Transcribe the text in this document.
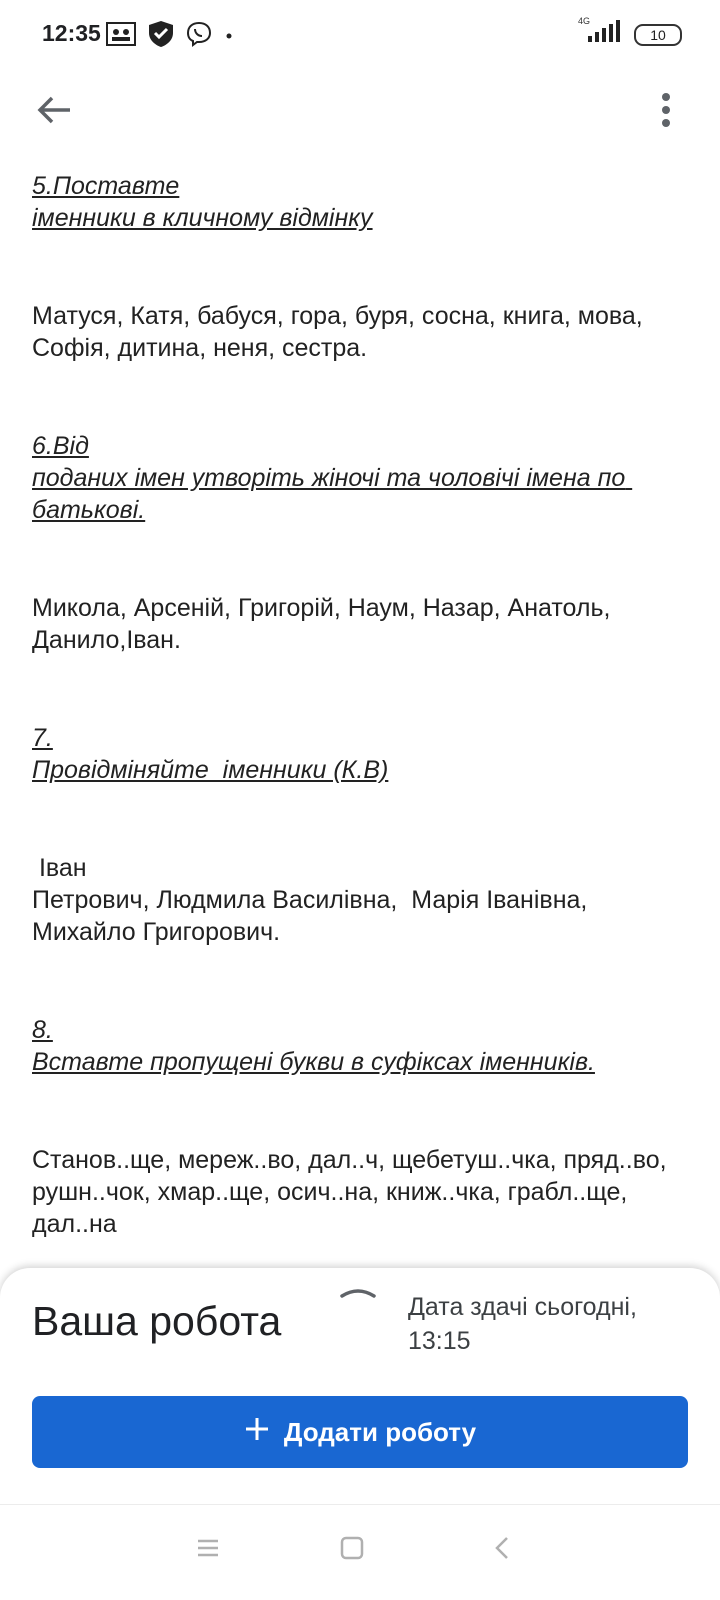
12:35	4G
10

5.Поставте
іменники в кличному відмінку

Матуся, Катя, бабуся, гора, буря, сосна, книга, мова, Софія, дитина, неня, сестра.

6.Від
поданих імен утворіть жіночі та чоловічі імена по батькові.

Микола, Арсеній, Григорій, Наум, Назар, Анатоль, Данило,Іван.

7.
Провідміняйте  іменники (К.В)

Іван
Петрович, Людмила Василівна,  Марія Іванівна, Михайло Григорович.

8.
Вставте пропущені букви в суфіксах іменників.

Станов..ще, мереж..во, дал..ч, щебетуш..чка, пряд..во, рушн..чок, хмар..ще, осич..на, книж..чка, грабл..ще, дал..на

Ваша робота	Дата здачі сьогодні, 13:15
Додати роботу
